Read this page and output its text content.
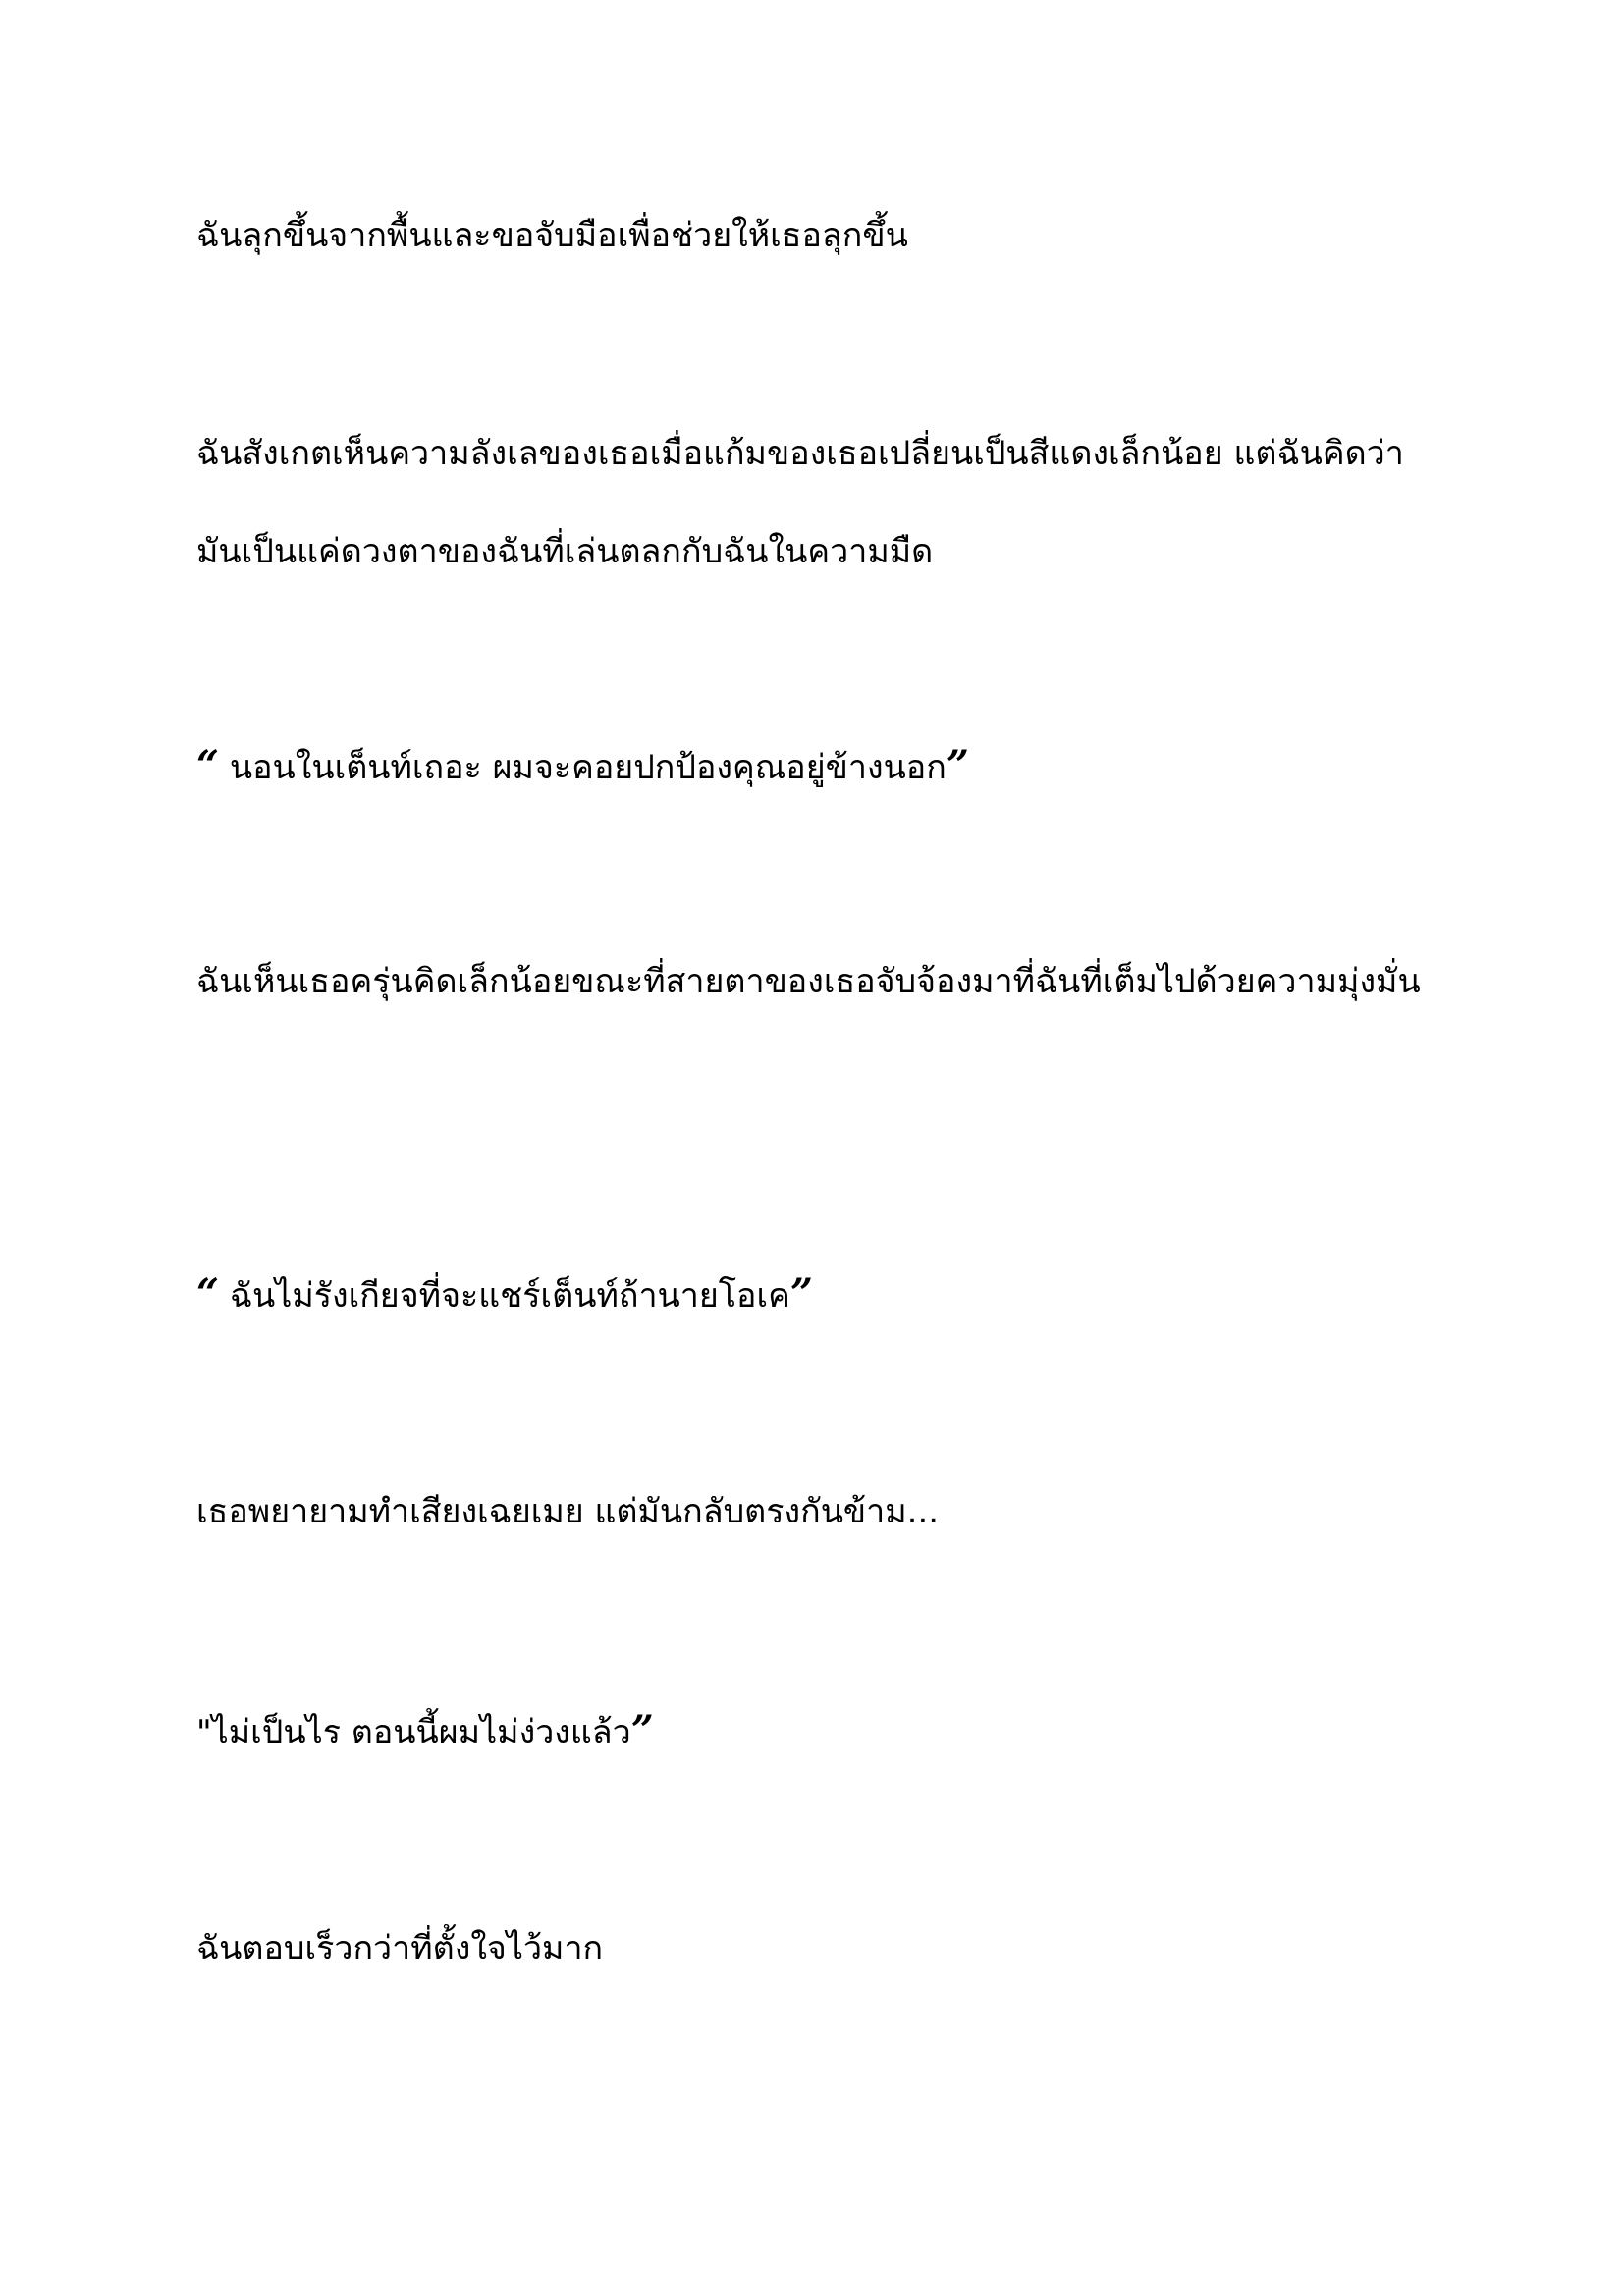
ฉันลุกขึ้นจากพื้นและขอจับมือเพื่อช่วยให้เธอลุกขึ้น

ฉันสังเกตเห็นความลังเลของเธอเมื่อแก้มของเธอเปลี่ยนเป็นสีแดงเล็กน้อย แต่ฉันคิดว่ามันเป็นแค่ดวงตาของฉันที่เล่นตลกกับฉันในความมืด

“ นอนในเต็นท์เถอะ ผมจะคอยปกป้องคุณอยู่ข้างนอก”

ฉันเห็นเธอครุ่นคิดเล็กน้อยขณะที่สายตาของเธอจับจ้องมาที่ฉันที่เต็มไปด้วยความมุ่งมั่น

“ ฉันไม่รังเกียจที่จะแชร์เต็นท์ถ้านายโอเค”

เธอพยายามทำเสียงเฉยเมย แต่มันกลับตรงกันข้าม...

"ไม่เป็นไร ตอนนี้ผมไม่ง่วงแล้ว”

ฉันตอบเร็วกว่าที่ตั้งใจไว้มาก
